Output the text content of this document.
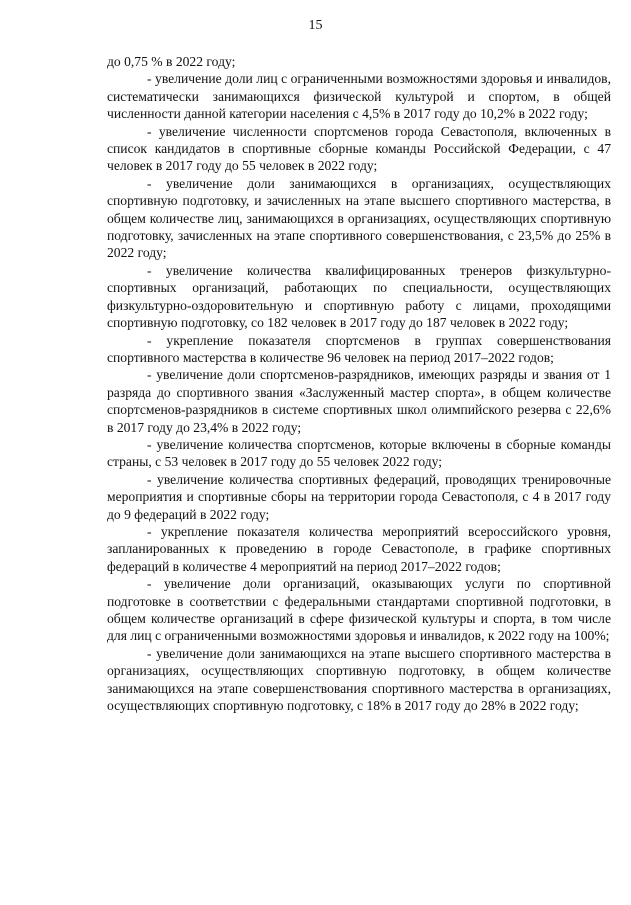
15

до 0,75 % в 2022 году;

- увеличение доли лиц с ограниченными возможностями здоровья и инвалидов, систематически занимающихся физической культурой и спортом, в общей численности данной категории населения с 4,5% в 2017 году до 10,2% в 2022 году;

- увеличение численности спортсменов города Севастополя, включенных в список кандидатов в спортивные сборные команды Российской Федерации, с 47 человек в 2017 году до 55 человек в 2022 году;

- увеличение доли занимающихся в организациях, осуществляющих спортивную подготовку, и зачисленных на этапе высшего спортивного мастерства, в общем количестве лиц, занимающихся в организациях, осуществляющих спортивную подготовку, зачисленных на этапе спортивного совершенствования, с 23,5% до 25% в 2022 году;

- увеличение количества квалифицированных тренеров физкультурно-спортивных организаций, работающих по специальности, осуществляющих физкультурно-оздоровительную и спортивную работу с лицами, проходящими спортивную подготовку, со 182 человек в 2017 году до 187 человек в 2022 году;

- укрепление показателя спортсменов в группах совершенствования спортивного мастерства в количестве 96 человек на период 2017–2022 годов;

- увеличение доли спортсменов-разрядников, имеющих разряды и звания от 1 разряда до спортивного звания «Заслуженный мастер спорта», в общем количестве спортсменов-разрядников в системе спортивных школ олимпийского резерва с 22,6% в 2017 году до 23,4% в 2022 году;

- увеличение количества спортсменов, которые включены в сборные команды страны, с 53 человек в 2017 году до 55 человек 2022 году;

- увеличение количества спортивных федераций, проводящих тренировочные мероприятия и спортивные сборы на территории города Севастополя, с 4 в 2017 году до 9 федераций в 2022 году;

- укрепление показателя количества мероприятий всероссийского уровня, запланированных к проведению в городе Севастополе, в графике спортивных федераций в количестве 4 мероприятий на период 2017–2022 годов;

- увеличение доли организаций, оказывающих услуги по спортивной подготовке в соответствии с федеральными стандартами спортивной подготовки, в общем количестве организаций в сфере физической культуры и спорта, в том числе для лиц с ограниченными возможностями здоровья и инвалидов, к 2022 году на 100%;

- увеличение доли занимающихся на этапе высшего спортивного мастерства в организациях, осуществляющих спортивную подготовку, в общем количестве занимающихся на этапе совершенствования спортивного мастерства в организациях, осуществляющих спортивную подготовку, с 18% в 2017 году до 28% в 2022 году;
